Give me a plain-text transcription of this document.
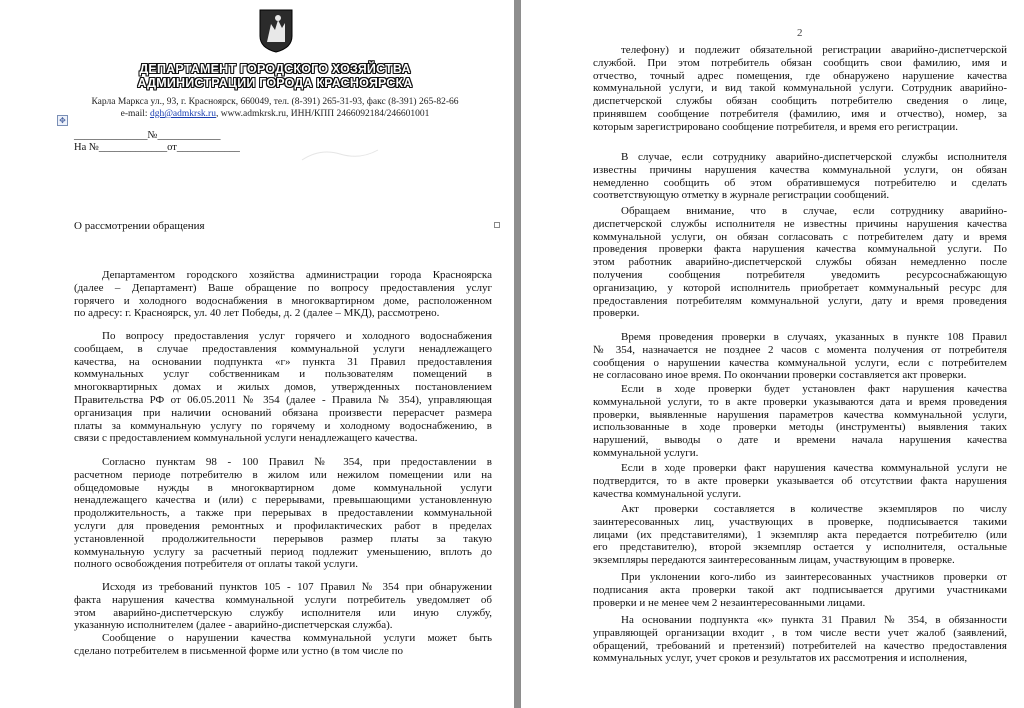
ДЕПАРТАМЕНТ ГОРОДСКОГО ХОЗЯЙСТВА
АДМИНИСТРАЦИИ ГОРОДА КРАСНОЯРСКА
Карла Маркса ул., 93, г. Красноярск, 660049, тел. (8-391) 265-31-93, факс (8-391) 265-82-66
e-mail: dgh@admkrsk.ru, www.admkrsk.ru, ИНН/КПП 2466092184/246601001
✥
______________№____________
На №_____________от____________
О рассмотрении обращения
Департаментом городского хозяйства администрации города Красноярска
(далее – Департамент) Ваше обращение по вопросу предоставления услуг
горячего и холодного водоснабжения в многоквартирном доме, расположенном
по адресу: г. Красноярск, ул. 40 лет Победы, д. 2 (далее – МКД), рассмотрено.
По вопросу предоставления услуг горячего и холодного водоснабжения
сообщаем, в случае предоставления коммунальной услуги ненадлежащего
качества, на основании подпункта «г» пункта 31 Правил предоставления
коммунальных услуг собственникам и пользователям помещений в
многоквартирных домах и жилых домов, утвержденных постановлением
Правительства РФ от 06.05.2011 № 354 (далее - Правила № 354), управляющая
организация при наличии оснований обязана произвести перерасчет размера
платы за коммунальную услугу по горячему и холодному водоснабжению, в
связи с предоставлением коммунальной услуги ненадлежащего качества.
Согласно пунктам 98 - 100 Правил № 354, при предоставлении в
расчетном периоде потребителю в жилом или нежилом помещении или на
общедомовые нужды в многоквартирном доме коммунальной услуги
ненадлежащего качества и (или) с перерывами, превышающими установленную
продолжительность, а также при перерывах в предоставлении коммунальной
услуги для проведения ремонтных и профилактических работ в пределах
установленной продолжительности перерывов размер платы за такую
коммунальную услугу за расчетный период подлежит уменьшению, вплоть до
полного освобождения потребителя от оплаты такой услуги.
Исходя из требований пунктов 105 - 107 Правил № 354 при обнаружении
факта нарушения качества коммунальной услуги потребитель уведомляет об
этом аварийно-диспетчерскую службу исполнителя или иную службу,
указанную исполнителем (далее - аварийно-диспетчерская служба).
Сообщение о нарушении качества коммунальной услуги может быть
сделано потребителем в письменной форме или устно (в том числе по
2
телефону) и подлежит обязательной регистрации аварийно-диспетчерской
службой. При этом потребитель обязан сообщить свои фамилию, имя и
отчество, точный адрес помещения, где обнаружено нарушение качества
коммунальной услуги, и вид такой коммунальной услуги. Сотрудник аварийно-
диспетчерской службы обязан сообщить потребителю сведения о лице,
принявшем сообщение потребителя (фамилию, имя и отчество), номер, за
которым зарегистрировано сообщение потребителя, и время его регистрации.
В случае, если сотруднику аварийно-диспетчерской службы исполнителя
известны причины нарушения качества коммунальной услуги, он обязан
немедленно сообщить об этом обратившемуся потребителю и сделать
соответствующую отметку в журнале регистрации сообщений.
Обращаем внимание, что в случае, если сотруднику аварийно-
диспетчерской службы исполнителя не известны причины нарушения качества
коммунальной услуги, он обязан согласовать с потребителем дату и время
проведения проверки факта нарушения качества коммунальной услуги. По
этом работник аварийно-диспетчерской службы обязан немедленно после
получения сообщения потребителя уведомить ресурсоснабжающую
организацию, у которой исполнитель приобретает коммунальный ресурс для
предоставления потребителям коммунальной услуги, дату и время проведения
проверки.
Время проведения проверки в случаях, указанных в пункте 108 Правил
№ 354, назначается не позднее 2 часов с момента получения от потребителя
сообщения о нарушении качества коммунальной услуги, если с потребителем
не согласовано иное время. По окончании проверки составляется акт проверки.
Если в ходе проверки будет установлен факт нарушения качества
коммунальной услуги, то в акте проверки указываются дата и время проведения
проверки, выявленные нарушения параметров качества коммунальной услуги,
использованные в ходе проверки методы (инструменты) выявления таких
нарушений, выводы о дате и времени начала нарушения качества
коммунальной услуги.
Если в ходе проверки факт нарушения качества коммунальной услуги не
подтвердится, то в акте проверки указывается об отсутствии факта нарушения
качества коммунальной услуги.
Акт проверки составляется в количестве экземпляров по числу
заинтересованных лиц, участвующих в проверке, подписывается такими
лицами (их представителями), 1 экземпляр акта передается потребителю (или
его представителю), второй экземпляр остается у исполнителя, остальные
экземпляры передаются заинтересованным лицам, участвующим в проверке.
При уклонении кого-либо из заинтересованных участников проверки от
подписания акта проверки такой акт подписывается другими участниками
проверки и не менее чем 2 незаинтересованными лицами.
На основании подпункта «к» пункта 31 Правил № 354, в обязанности
управляющей организации входит , в том числе вести учет жалоб (заявлений,
обращений, требований и претензий) потребителей на качество предоставления
коммунальных услуг, учет сроков и результатов их рассмотрения и исполнения,
